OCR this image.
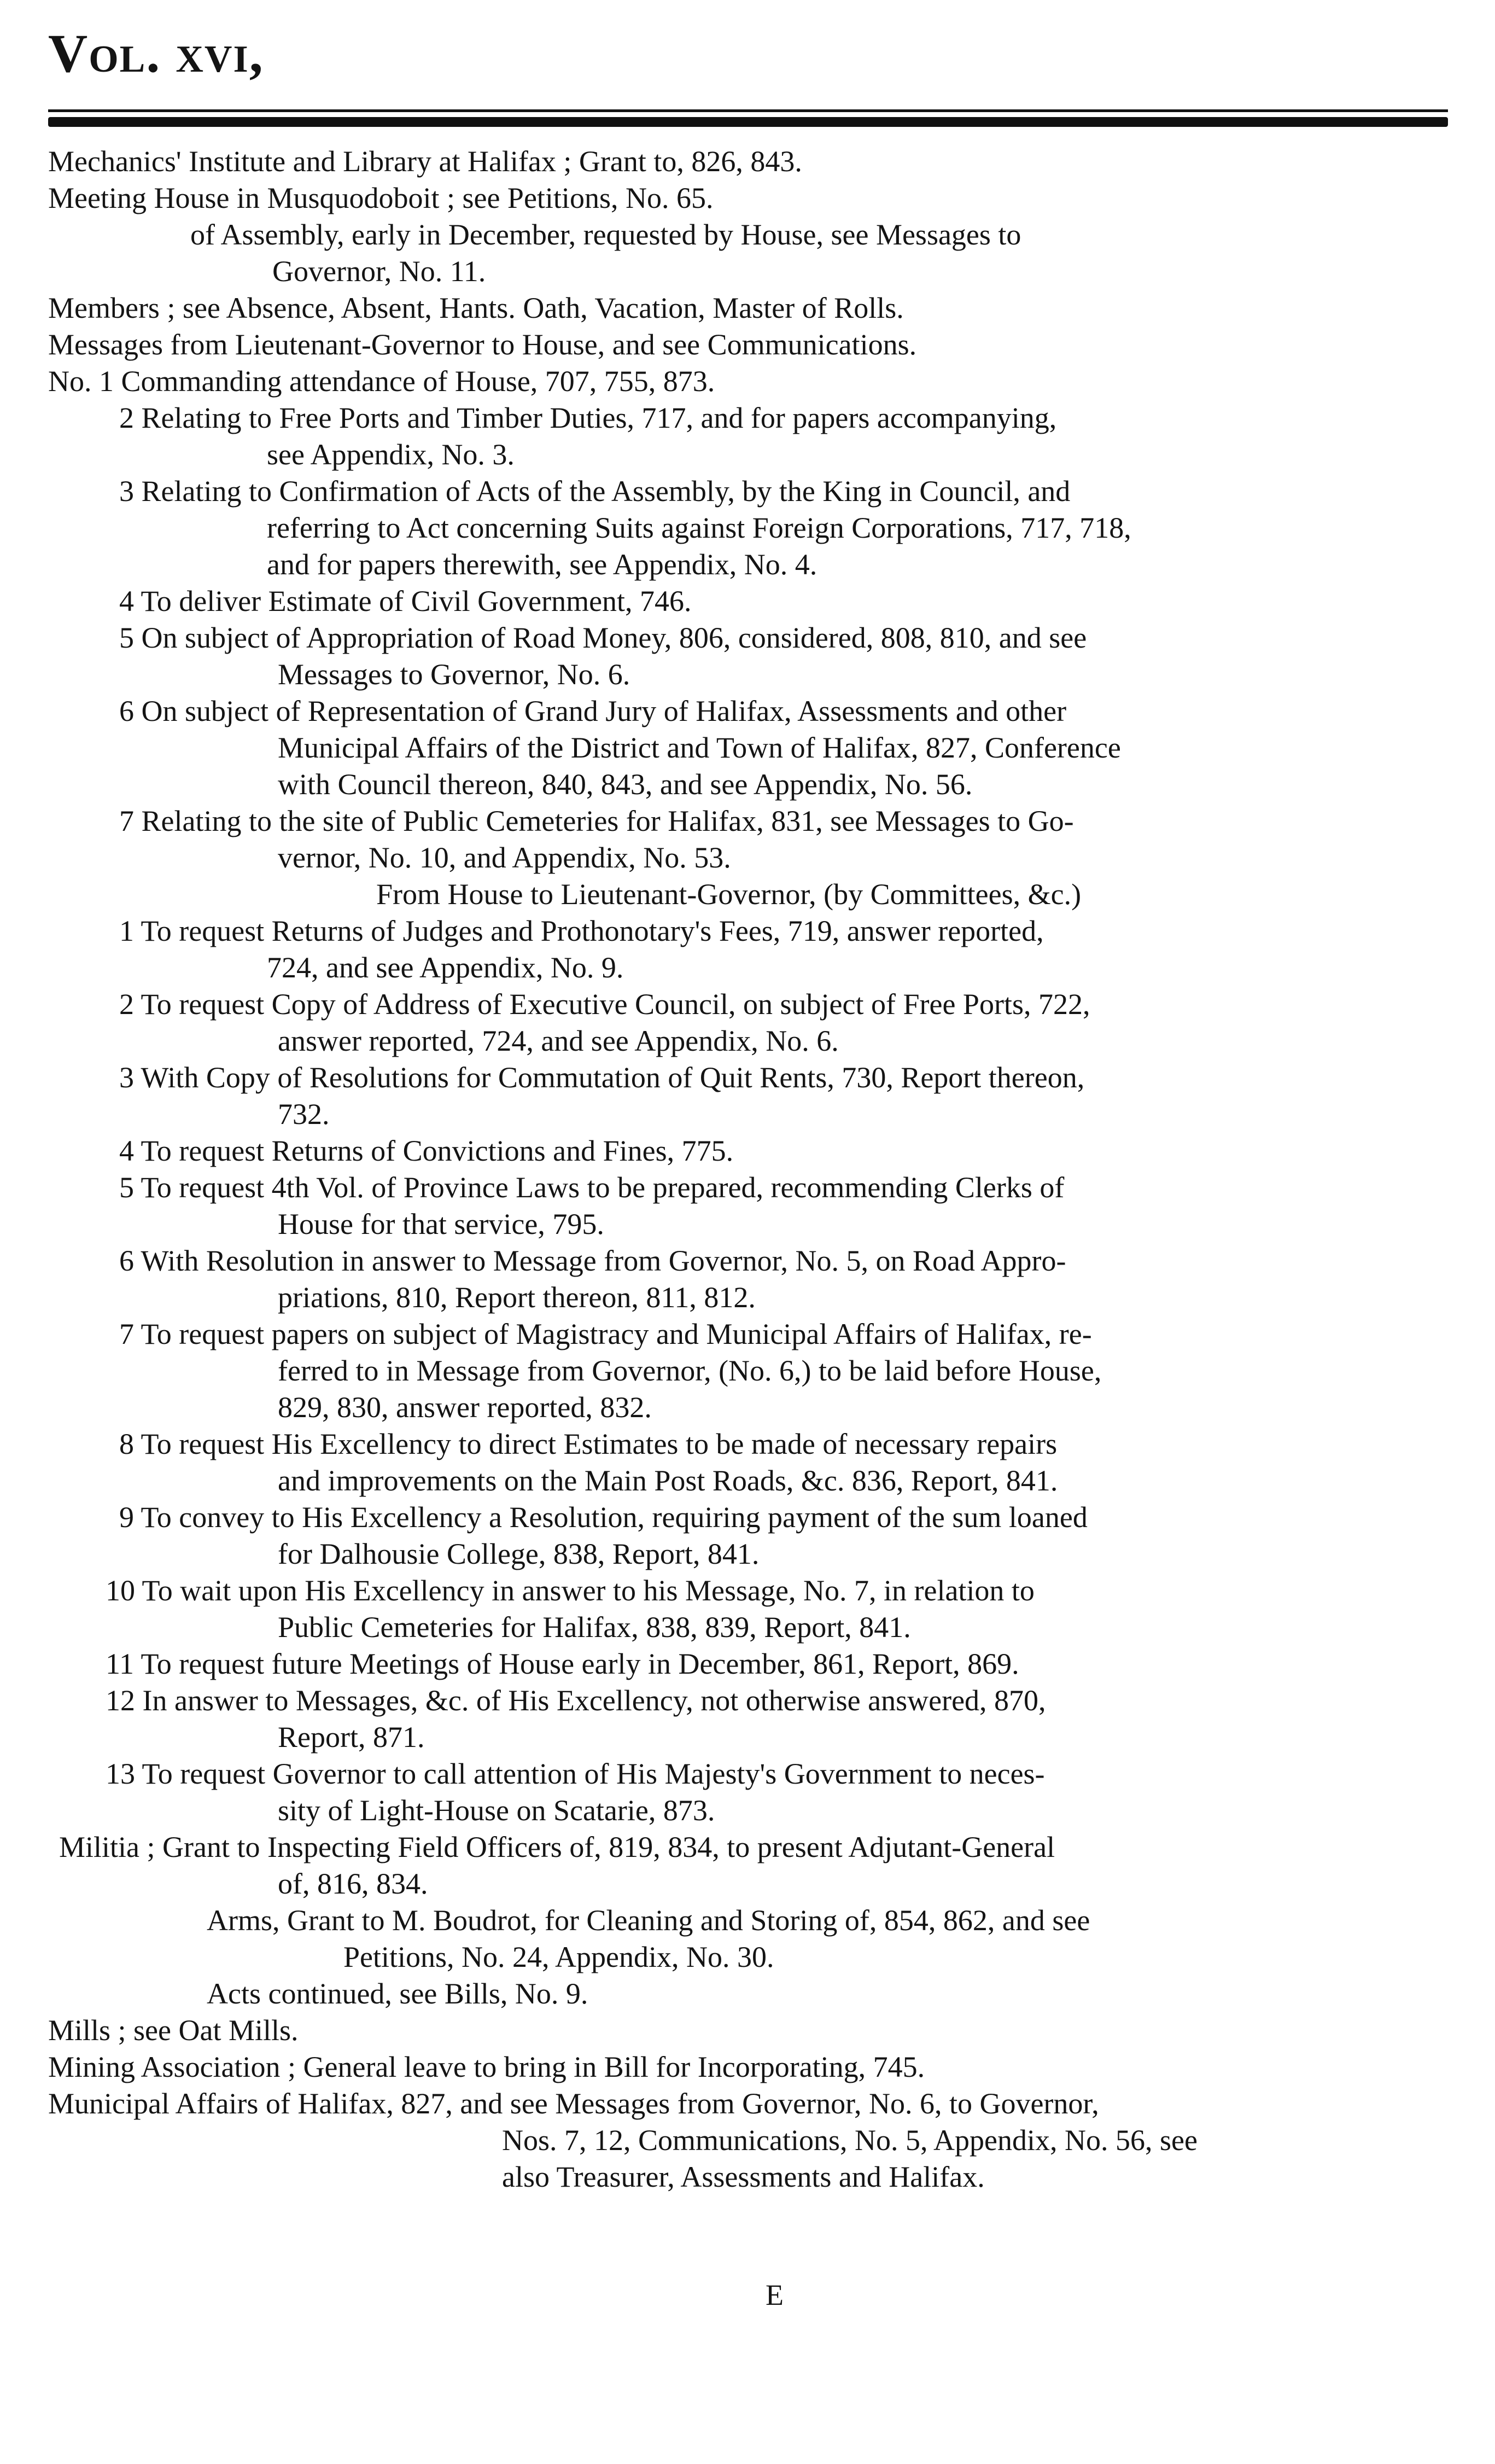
Vol. xvi,
Mechanics' Institute and Library at Halifax ; Grant to, 826, 843.
Meeting House in Musquodoboit ; see Petitions, No. 65.
of Assembly, early in December, requested by House, see Messages to
Governor, No. 11.
Members ; see Absence, Absent, Hants. Oath, Vacation, Master of Rolls.
Messages from Lieutenant-Governor to House, and see Communications.
No. 1 Commanding attendance of House, 707, 755, 873.
2 Relating to Free Ports and Timber Duties, 717, and for papers accompanying,
see Appendix, No. 3.
3 Relating to Confirmation of Acts of the Assembly, by the King in Council, and
referring to Act concerning Suits against Foreign Corporations, 717, 718,
and for papers therewith, see Appendix, No. 4.
4 To deliver Estimate of Civil Government, 746.
5 On subject of Appropriation of Road Money, 806, considered, 808, 810, and see
Messages to Governor, No. 6.
6 On subject of Representation of Grand Jury of Halifax, Assessments and other
Municipal Affairs of the District and Town of Halifax, 827, Conference
with Council thereon, 840, 843, and see Appendix, No. 56.
7 Relating to the site of Public Cemeteries for Halifax, 831, see Messages to Go-
vernor, No. 10, and Appendix, No. 53.
From House to Lieutenant-Governor, (by Committees, &c.)
1 To request Returns of Judges and Prothonotary's Fees, 719, answer reported,
724, and see Appendix, No. 9.
2 To request Copy of Address of Executive Council, on subject of Free Ports, 722,
answer reported, 724, and see Appendix, No. 6.
3 With Copy of Resolutions for Commutation of Quit Rents, 730, Report thereon,
732.
4 To request Returns of Convictions and Fines, 775.
5 To request 4th Vol. of Province Laws to be prepared, recommending Clerks of
House for that service, 795.
6 With Resolution in answer to Message from Governor, No. 5, on Road Appro-
priations, 810, Report thereon, 811, 812.
7 To request papers on subject of Magistracy and Municipal Affairs of Halifax, re-
ferred to in Message from Governor, (No. 6,) to be laid before House,
829, 830, answer reported, 832.
8 To request His Excellency to direct Estimates to be made of necessary repairs
and improvements on the Main Post Roads, &c. 836, Report, 841.
9 To convey to His Excellency a Resolution, requiring payment of the sum loaned
for Dalhousie College, 838, Report, 841.
10 To wait upon His Excellency in answer to his Message, No. 7, in relation to
Public Cemeteries for Halifax, 838, 839, Report, 841.
11 To request future Meetings of House early in December, 861, Report, 869.
12 In answer to Messages, &c. of His Excellency, not otherwise answered, 870,
Report, 871.
13 To request Governor to call attention of His Majesty's Government to neces-
sity of Light-House on Scatarie, 873.
Militia ; Grant to Inspecting Field Officers of, 819, 834, to present Adjutant-General
of, 816, 834.
Arms, Grant to M. Boudrot, for Cleaning and Storing of, 854, 862, and see
Petitions, No. 24, Appendix, No. 30.
Acts continued, see Bills, No. 9.
Mills ; see Oat Mills.
Mining Association ; General leave to bring in Bill for Incorporating, 745.
Municipal Affairs of Halifax, 827, and see Messages from Governor, No. 6, to Governor,
Nos. 7, 12, Communications, No. 5, Appendix, No. 56, see
also Treasurer, Assessments and Halifax.
E
